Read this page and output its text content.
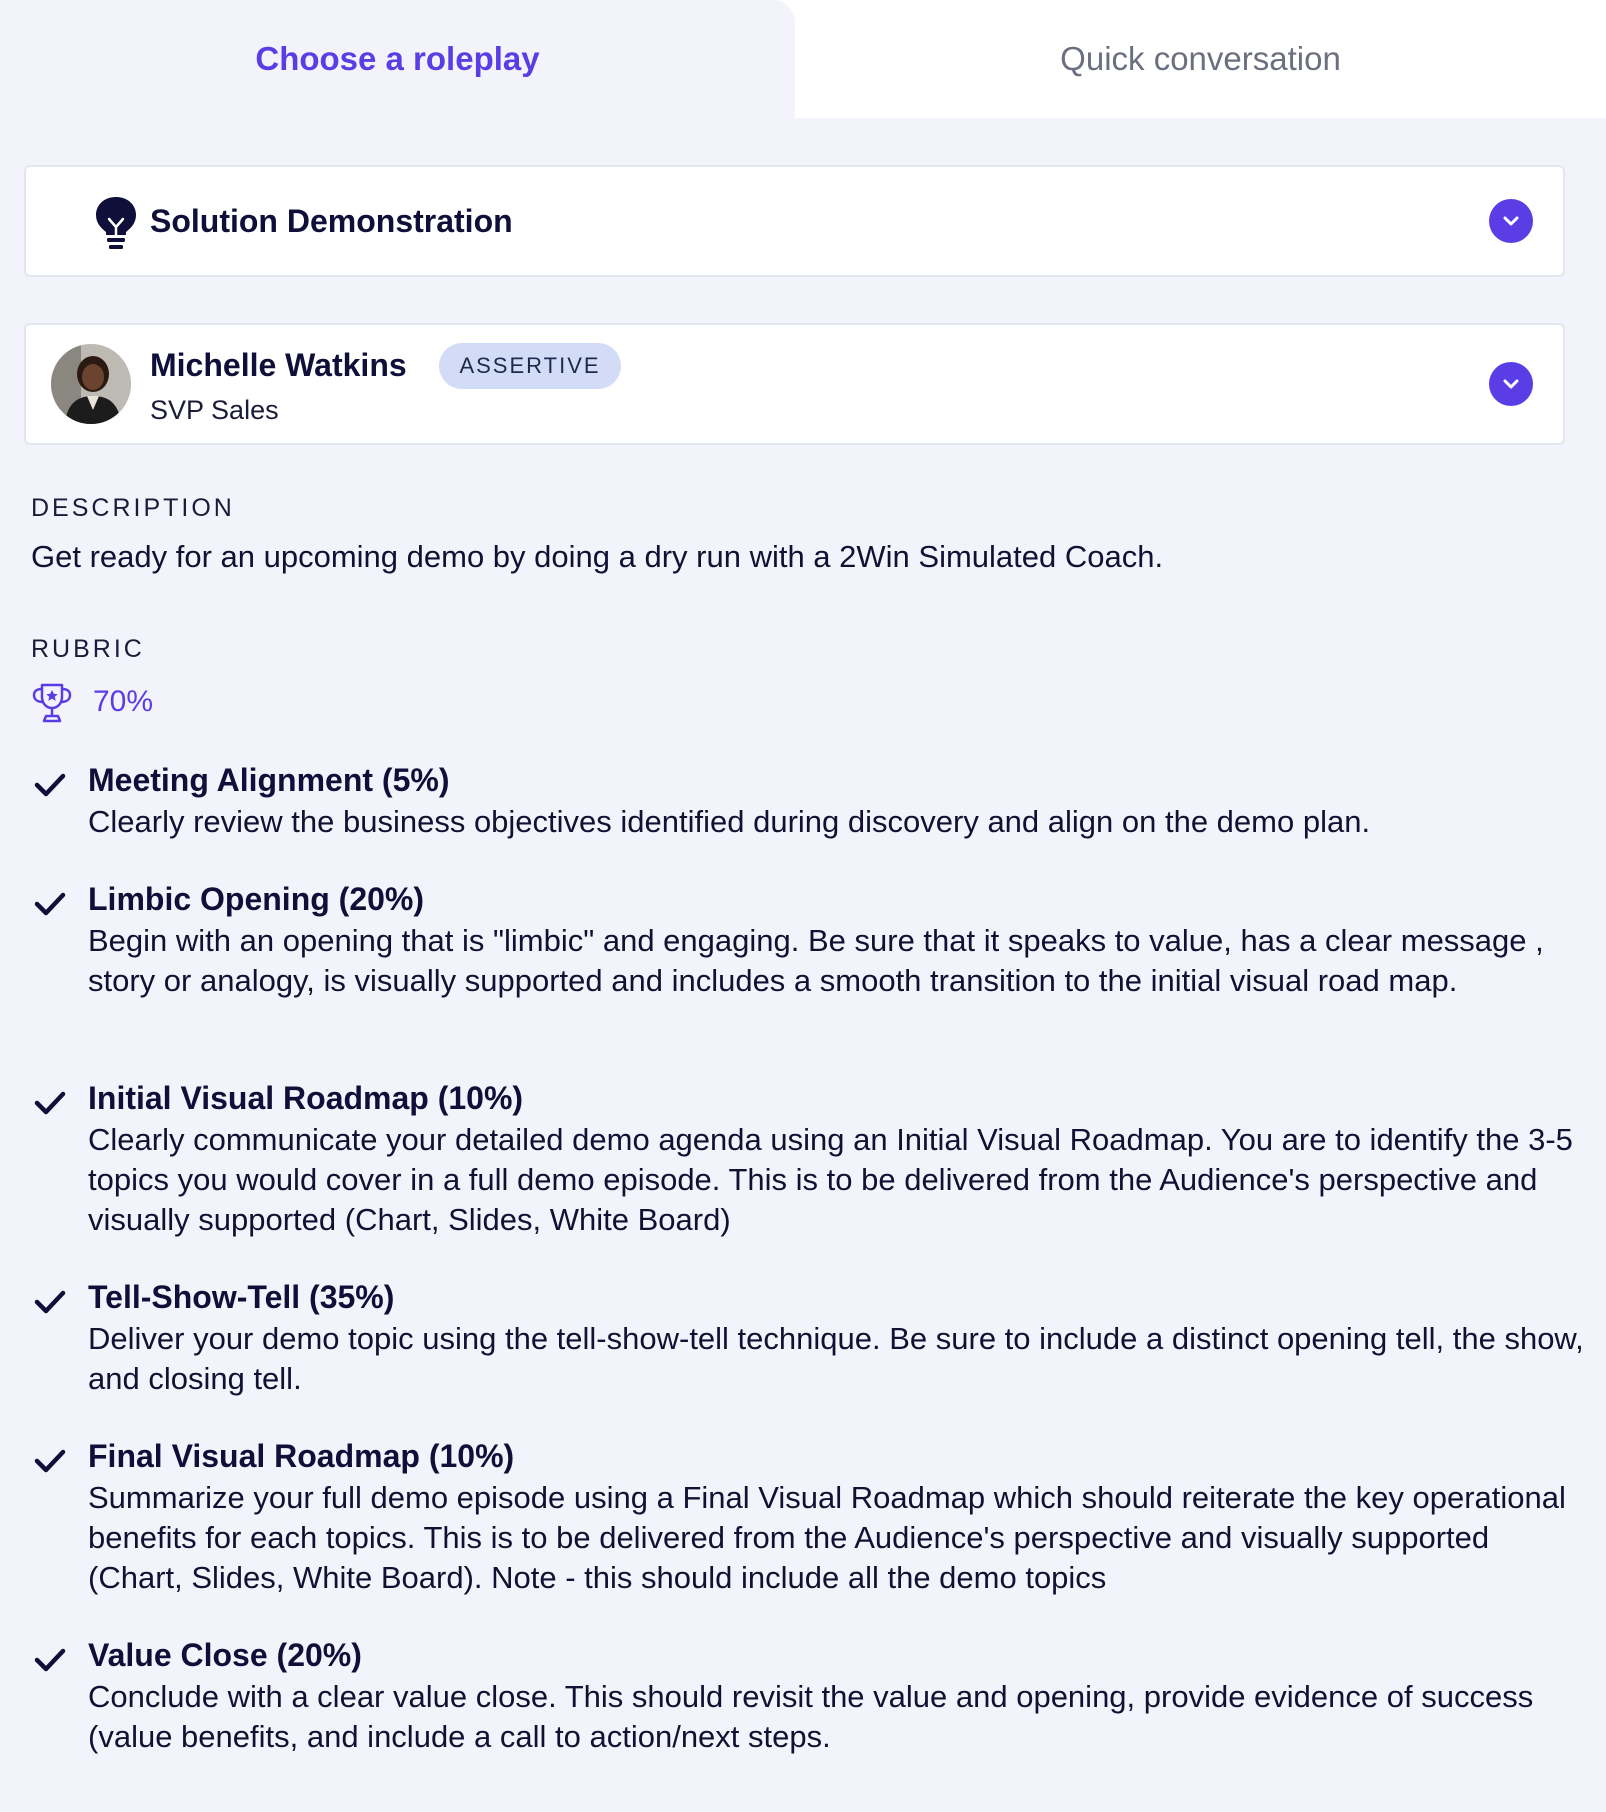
Choose a roleplay	Quick conversation
Solution Demonstration
Michelle Watkins	ASSERTIVE
SVP Sales
DESCRIPTION
Get ready for an upcoming demo by doing a dry run with a 2Win Simulated Coach.
RUBRIC
70%
Meeting Alignment (5%)
Clearly review the business objectives identified during discovery and align on the demo plan.
Limbic Opening (20%)
Begin with an opening that is "limbic" and engaging. Be sure that it speaks to value, has a clear message , story or analogy, is visually supported and includes a smooth transition to the initial visual road map.
Initial Visual Roadmap (10%)
Clearly communicate your detailed demo agenda using an Initial Visual Roadmap. You are to identify the 3-5 topics you would cover in a full demo episode. This is to be delivered from the Audience's perspective and visually supported (Chart, Slides, White Board)
Tell-Show-Tell (35%)
Deliver your demo topic using the tell-show-tell technique. Be sure to include a distinct opening tell, the show, and closing tell.
Final Visual Roadmap (10%)
Summarize your full demo episode using a Final Visual Roadmap which should reiterate the key operational benefits for each topics. This is to be delivered from the Audience's perspective and visually supported (Chart, Slides, White Board). Note - this should include all the demo topics
Value Close (20%)
Conclude with a clear value close. This should revisit the value and opening, provide evidence of success (value benefits, and include a call to action/next steps.
